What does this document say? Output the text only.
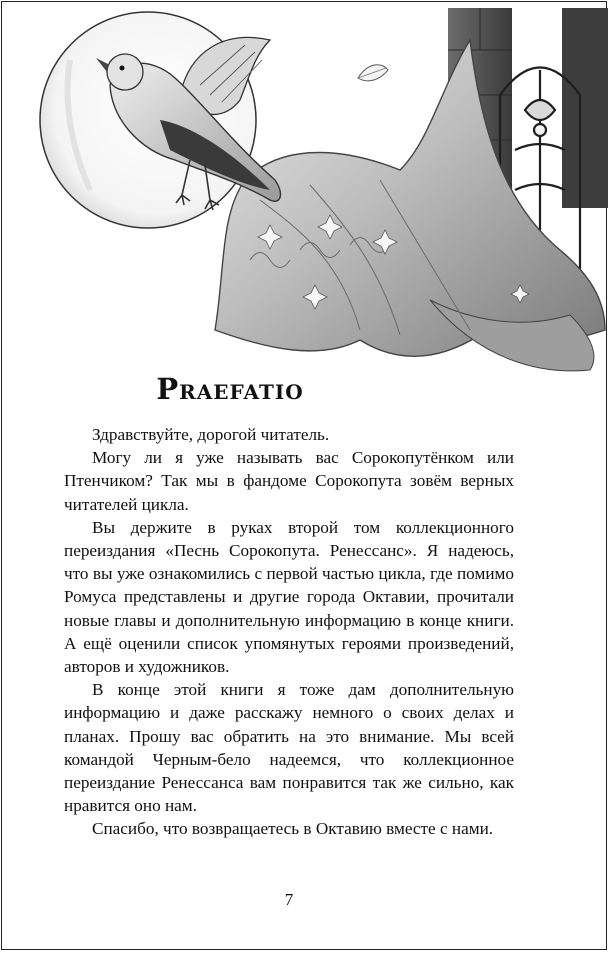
Praefatio

Здравствуйте, дорогой читатель.

Могу ли я уже называть вас Сорокопутёнком или Птенчиком? Так мы в фандоме Сорокопута зовём верных читателей цикла.

Вы держите в руках второй том коллекционного переиздания «Песнь Сорокопута. Ренессанс». Я надеюсь, что вы уже ознакомились с первой частью цикла, где помимо Ромуса представлены и другие города Октавии, прочитали новые главы и дополнительную информацию в конце книги. А ещё оценили список упомянутых героями произведений, авторов и художников.

В конце этой книги я тоже дам дополнительную информацию и даже расскажу немного о своих делах и планах. Прошу вас обратить на это внимание. Мы всей командой Черным-бело надеемся, что коллекционное переиздание Ренессанса вам понравится так же сильно, как нравится оно нам.

Спасибо, что возвращаетесь в Октавию вместе с нами.

7
